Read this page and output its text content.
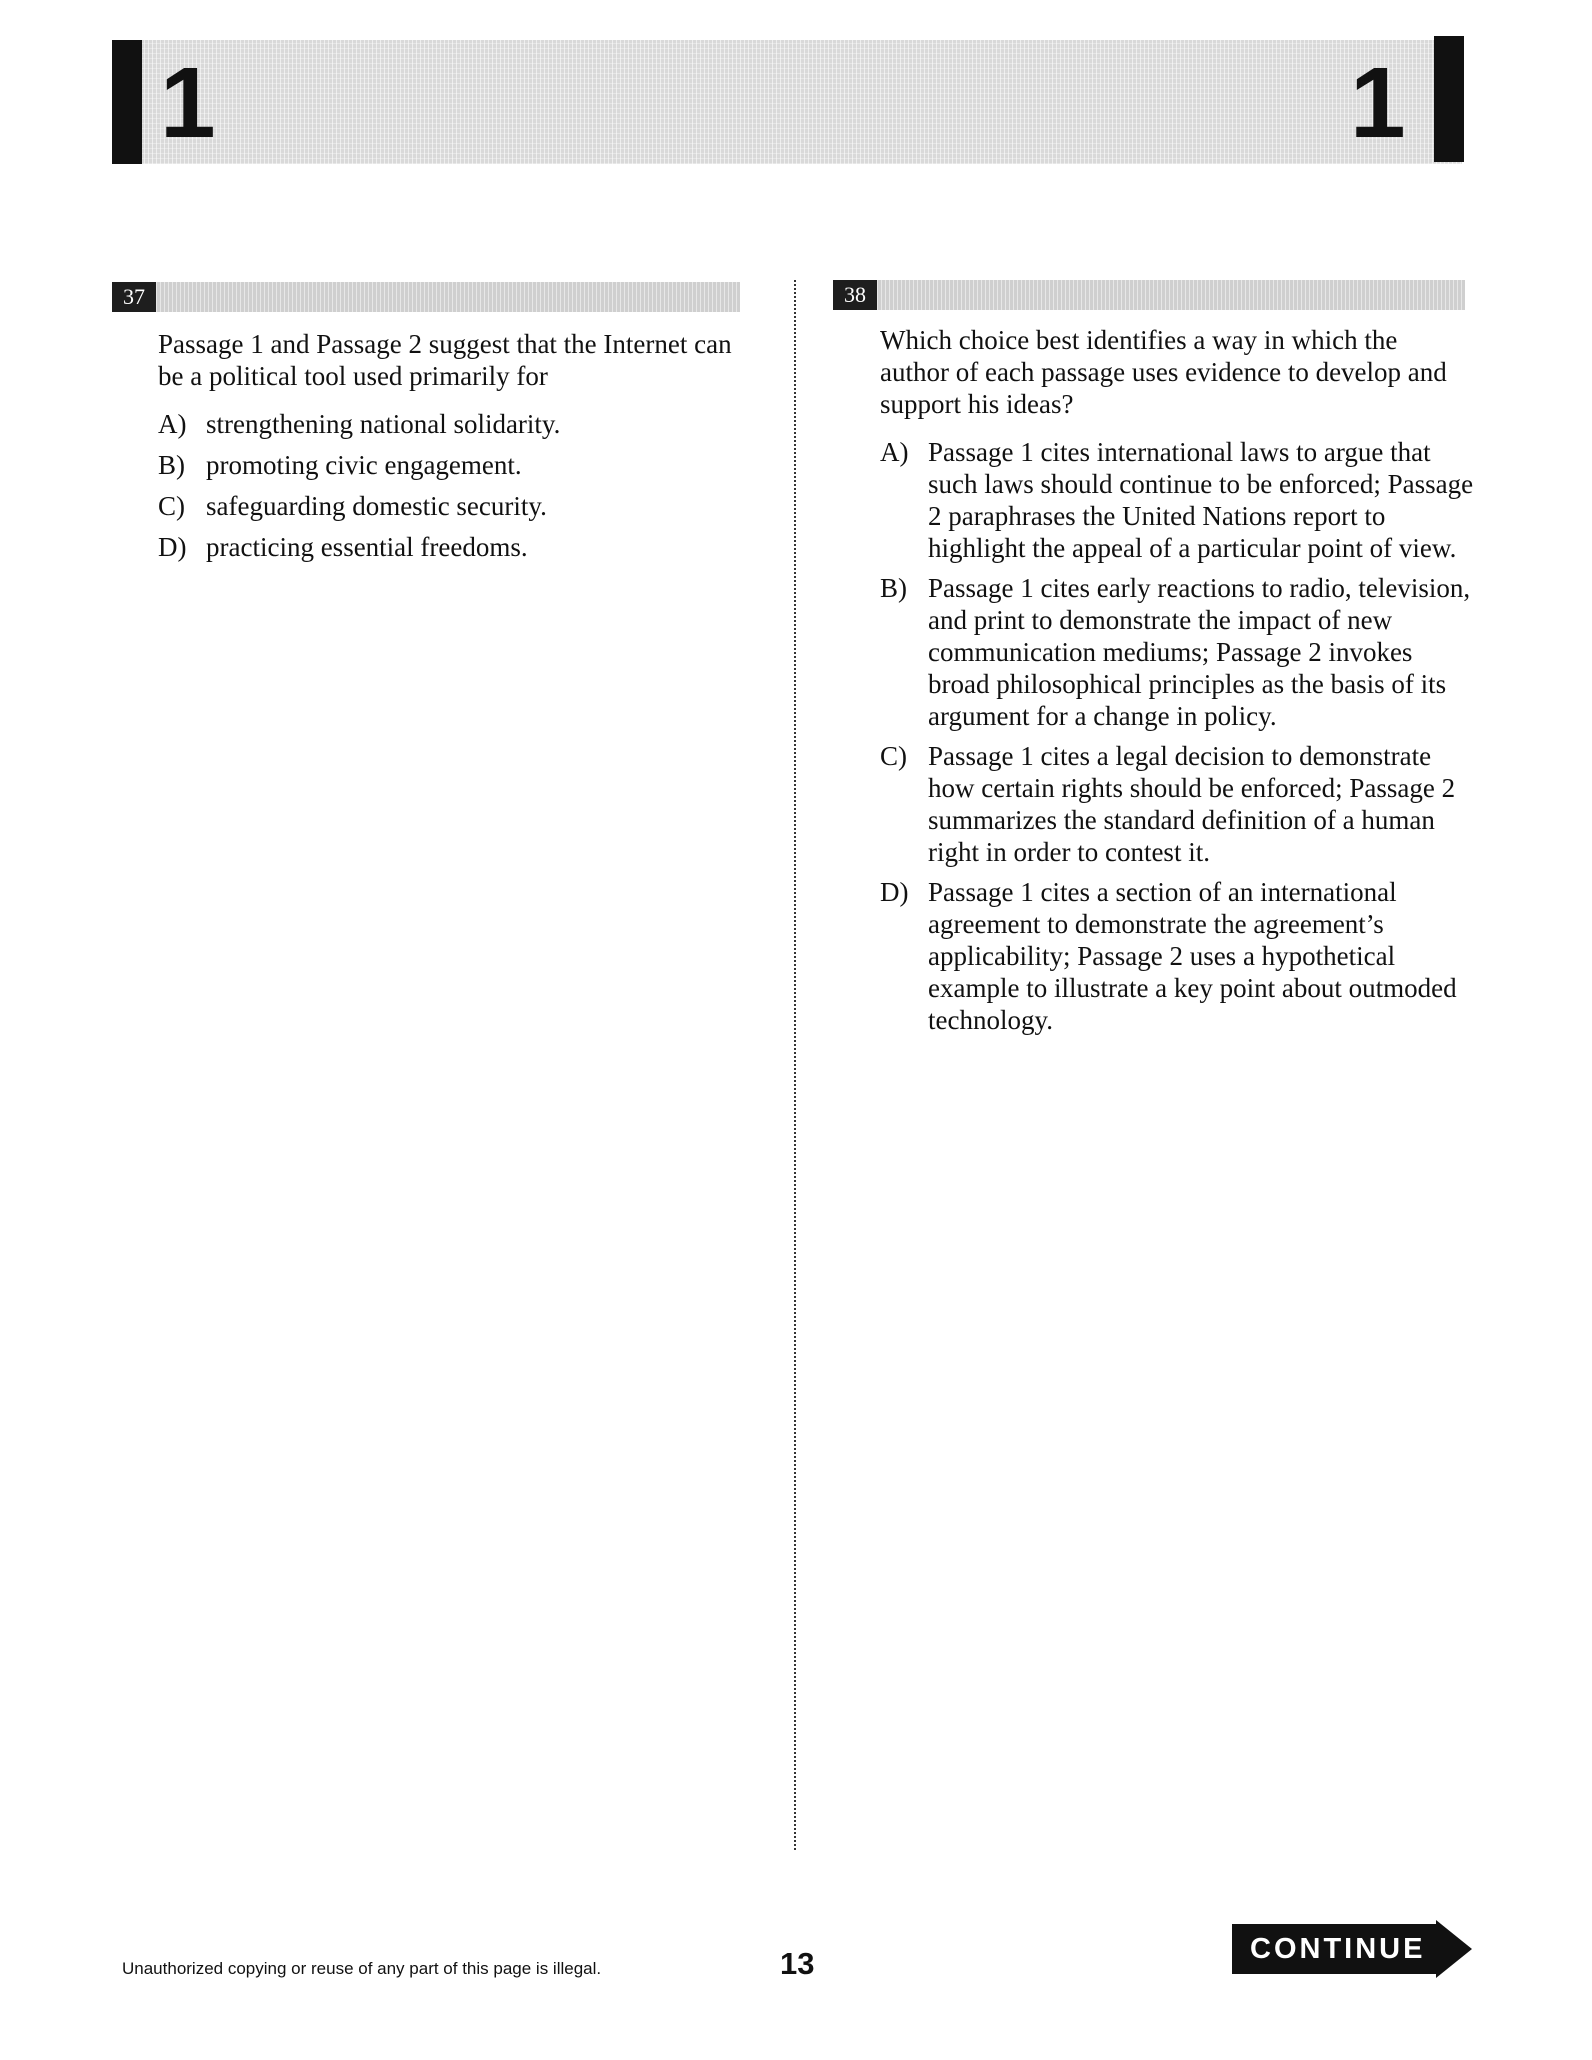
1	1
37

Passage 1 and Passage 2 suggest that the Internet can be a political tool used primarily for

A) strengthening national solidarity.
B) promoting civic engagement.
C) safeguarding domestic security.
D) practicing essential freedoms.
38

Which choice best identifies a way in which the author of each passage uses evidence to develop and support his ideas?

A) Passage 1 cites international laws to argue that such laws should continue to be enforced; Passage 2 paraphrases the United Nations report to highlight the appeal of a particular point of view.
B) Passage 1 cites early reactions to radio, television, and print to demonstrate the impact of new communication mediums; Passage 2 invokes broad philosophical principles as the basis of its argument for a change in policy.
C) Passage 1 cites a legal decision to demonstrate how certain rights should be enforced; Passage 2 summarizes the standard definition of a human right in order to contest it.
D) Passage 1 cites a section of an international agreement to demonstrate the agreement’s applicability; Passage 2 uses a hypothetical example to illustrate a key point about outmoded technology.
Unauthorized copying or reuse of any part of this page is illegal.	13	CONTINUE
